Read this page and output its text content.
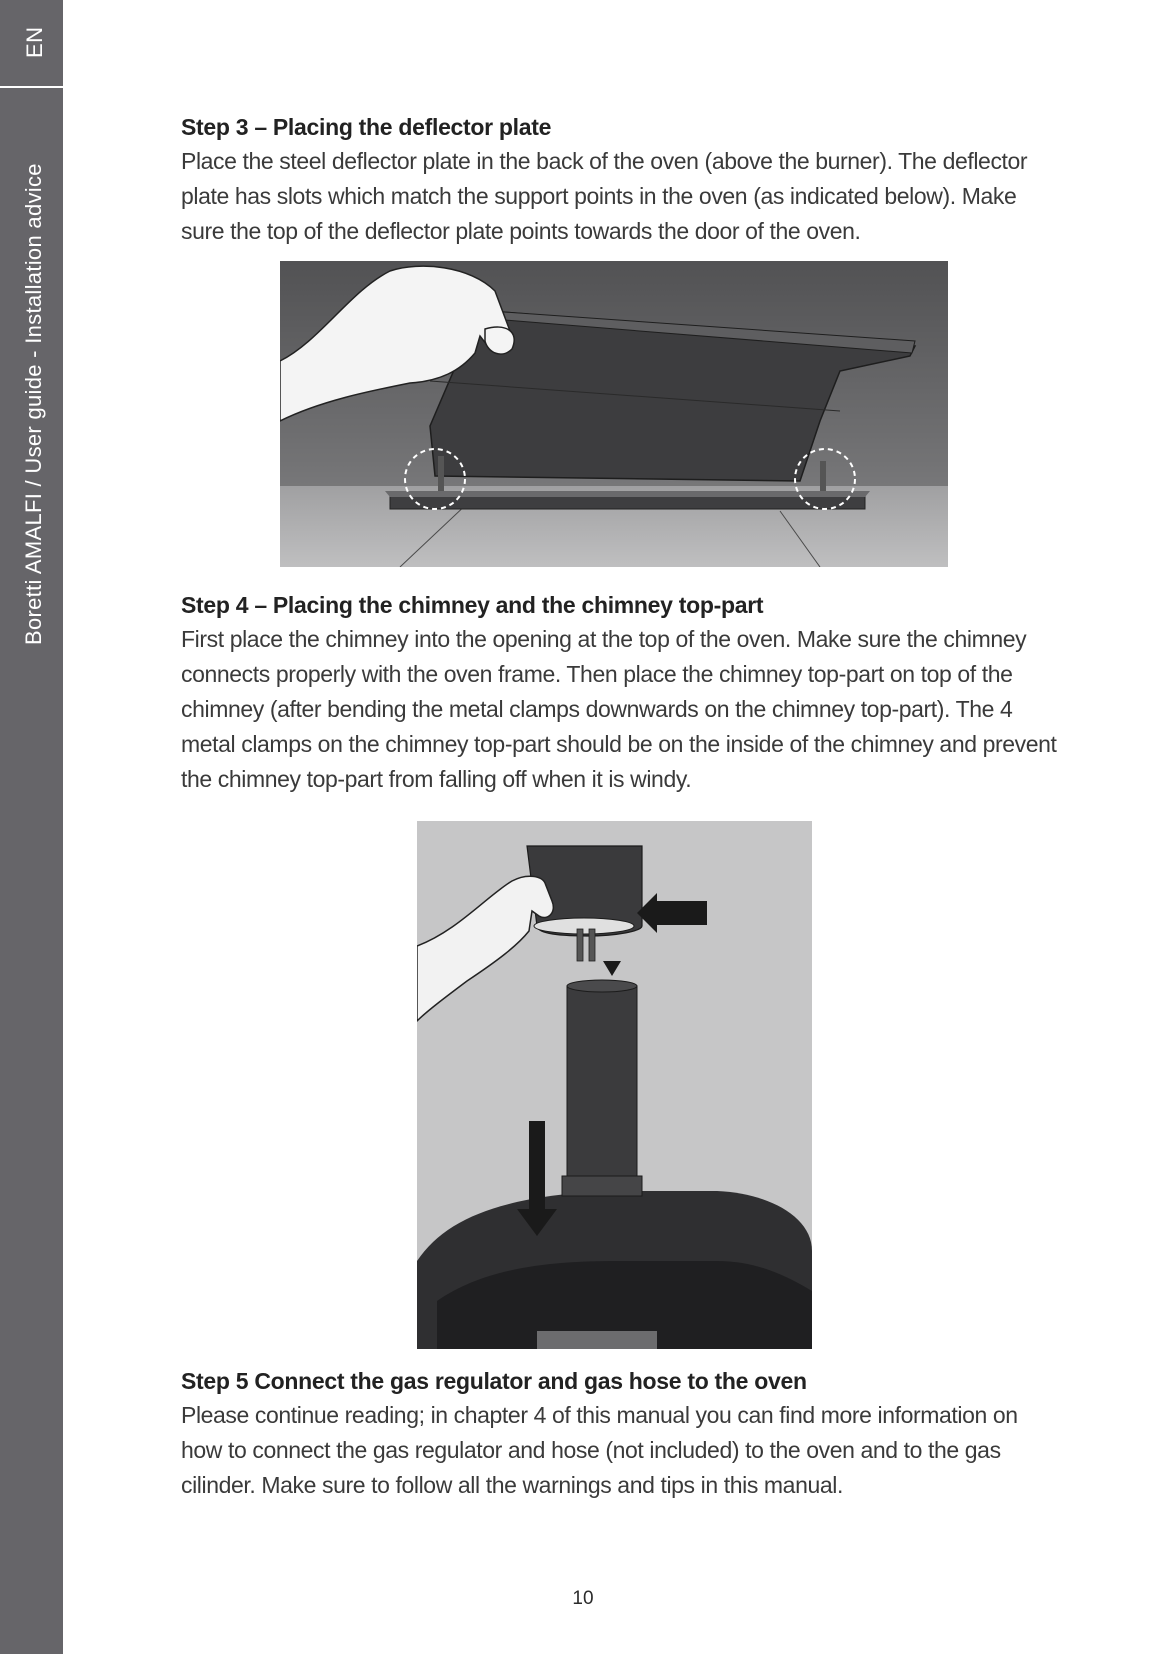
EN
Boretti AMALFI / User guide - Installation advice
Step 3 – Placing the deflector plate

Place the steel deflector plate in the back of the oven (above the burner). The deflector plate has slots which match the support points in the oven (as indicated below). Make sure the top of the deflector plate points towards the door of the oven.

Step 4 – Placing the chimney and the chimney top-part

First place the chimney into the opening at the top of the oven. Make sure the chimney connects properly with the oven frame. Then place the chimney top-part on top of the chimney (after bending the metal clamps downwards on the chimney top-part). The 4 metal clamps on the chimney top-part should be on the inside of the chimney and prevent the chimney top-part from falling off when it is windy.

Step 5 Connect the gas regulator and gas hose to the oven

Please continue reading; in chapter 4 of this manual you can find more information on how to connect the gas regulator and hose (not included) to the oven and to the gas cilinder. Make sure to follow all the warnings and tips in this manual.

10
